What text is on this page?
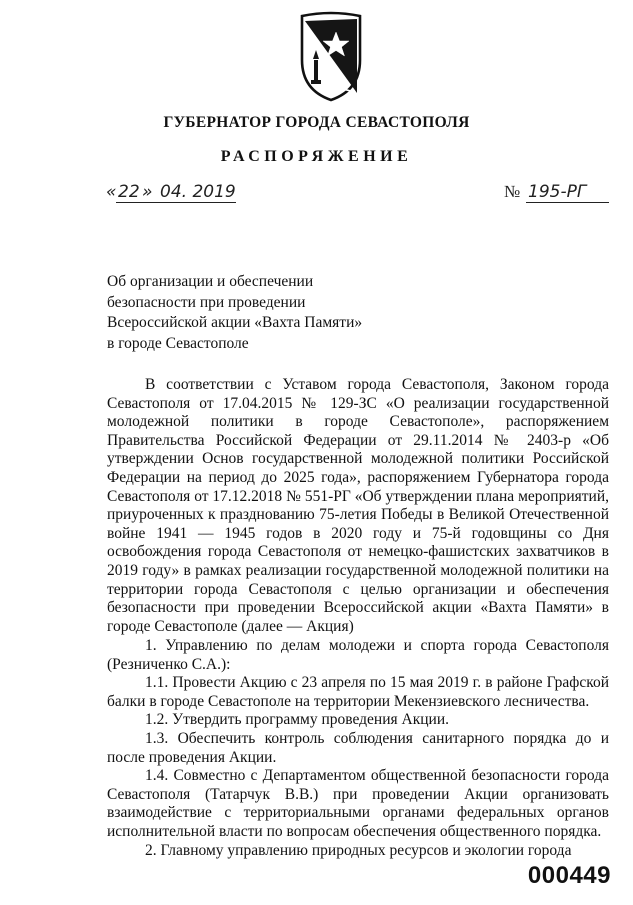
ГУБЕРНАТОР ГОРОДА СЕВАСТОПОЛЯ
РАСПОРЯЖЕНИЕ
« 22 » 04. 2019	№ 195-РГ
Об организации и обеспечении
безопасности при проведении
Всероссийской акции «Вахта Памяти»
в городе Севастополе

В соответствии с Уставом города Севастополя, Законом города Севастополя от 17.04.2015 № 129-ЗС «О реализации государственной молодежной политики в городе Севастополе», распоряжением Правительства Российской Федерации от 29.11.2014 № 2403-р «Об утверждении Основ государственной молодежной политики Российской Федерации на период до 2025 года», распоряжением Губернатора города Севастополя от 17.12.2018 № 551-РГ «Об утверждении плана мероприятий, приуроченных к празднованию 75-летия Победы в Великой Отечественной войне 1941 — 1945 годов в 2020 году и 75-й годовщины со Дня освобождения города Севастополя от немецко-фашистских захватчиков в 2019 году» в рамках реализации государственной молодежной политики на территории города Севастополя с целью организации и обеспечения безопасности при проведении Всероссийской акции «Вахта Памяти» в городе Севастополе (далее — Акция)

1. Управлению по делам молодежи и спорта города Севастополя (Резниченко С.А.):

1.1. Провести Акцию с 23 апреля по 15 мая 2019 г. в районе Графской балки в городе Севастополе на территории Мекензиевского лесничества.

1.2. Утвердить программу проведения Акции.

1.3. Обеспечить контроль соблюдения санитарного порядка до и после проведения Акции.

1.4. Совместно с Департаментом общественной безопасности города Севастополя (Татарчук В.В.) при проведении Акции организовать взаимодействие с территориальными органами федеральных органов исполнительной власти по вопросам обеспечения общественного порядка.

2. Главному управлению природных ресурсов и экологии города

000449
